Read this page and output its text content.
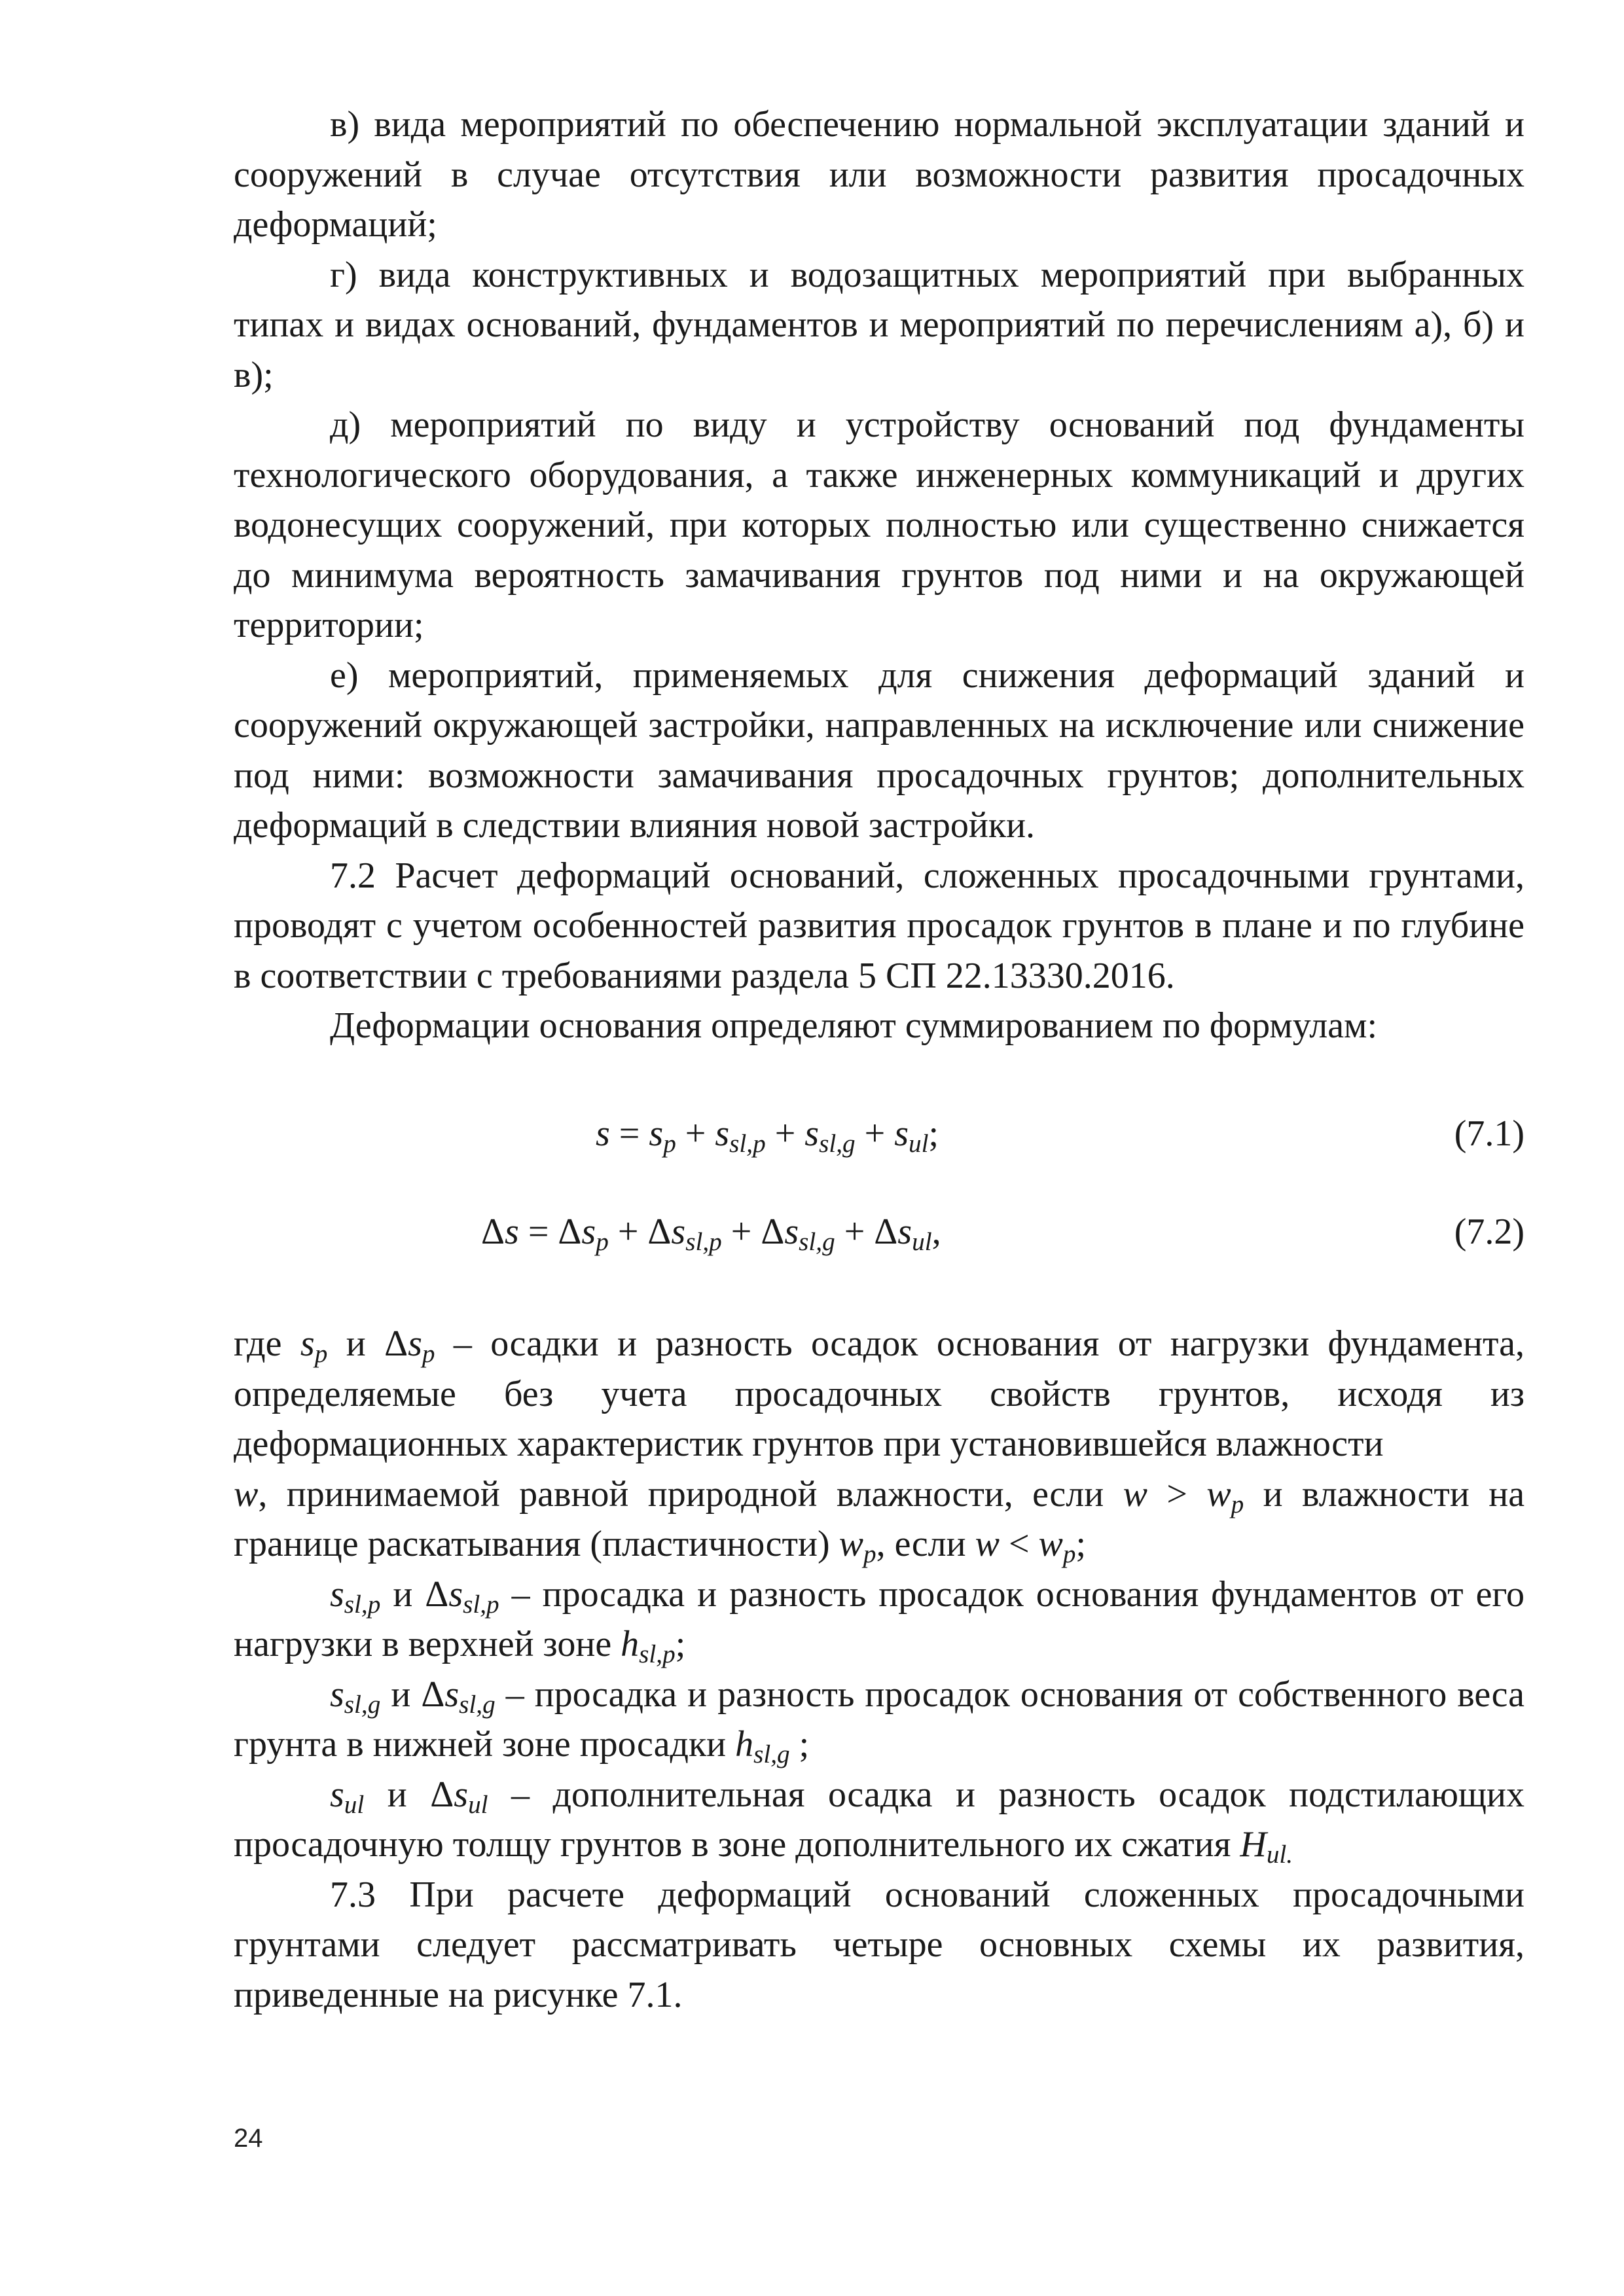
в) вида мероприятий по обеспечению нормальной эксплуатации зданий и сооружений в случае отсутствия или возможности развития просадочных деформаций;

г) вида конструктивных и водозащитных мероприятий при выбранных типах и видах оснований, фундаментов и мероприятий по перечислениям а), б) и в);

д) мероприятий по виду и устройству оснований под фундаменты технологического оборудования, а также инженерных коммуникаций и других водонесущих сооружений, при которых полностью или существенно снижается до минимума вероятность замачивания грунтов под ними и на окружающей территории;

е) мероприятий, применяемых для снижения деформаций зданий и сооружений окружающей застройки, направленных на исключение или снижение под ними: возможности замачивания просадочных грунтов; дополнительных деформаций в следствии влияния новой застройки.

7.2 Расчет деформаций оснований, сложенных просадочными грунтами, проводят с учетом особенностей развития просадок грунтов в плане и по глубине в соответствии с требованиями раздела 5 СП 22.13330.2016.

Деформации основания определяют суммированием по формулам:

$s = s_p + s_{sl,p} + s_{sl,g} + s_{ul}$;	(7.1)
$\Delta s = \Delta s_p + \Delta s_{sl,p} + \Delta s_{sl,g} + \Delta s_{ul}$,	(7.2)

где $s_p$ и $\Delta s_p$ – осадки и разность осадок основания от нагрузки фундамента, определяемые без учета просадочных свойств грунтов, исходя из деформационных характеристик грунтов при установившейся влажности
w, принимаемой равной природной влажности, если $w > w_p$ и влажности на границе раскатывания (пластичности) $w_p$, если $w < w_p$;

$s_{sl,p}$ и $\Delta s_{sl,p}$ – просадка и разность просадок основания фундаментов от его нагрузки в верхней зоне $h_{sl,p}$;

$s_{sl,g}$ и $\Delta s_{sl,g}$ – просадка и разность просадок основания от собственного веса грунта в нижней зоне просадки $h_{sl,g}$ ;

$s_{ul}$ и $\Delta s_{ul}$ – дополнительная осадка и разность осадок подстилающих просадочную толщу грунтов в зоне дополнительного их сжатия $H_{ul.}$

7.3 При расчете деформаций оснований сложенных просадочными грунтами следует рассматривать четыре основных схемы их развития, приведенные на рисунке 7.1.

24
